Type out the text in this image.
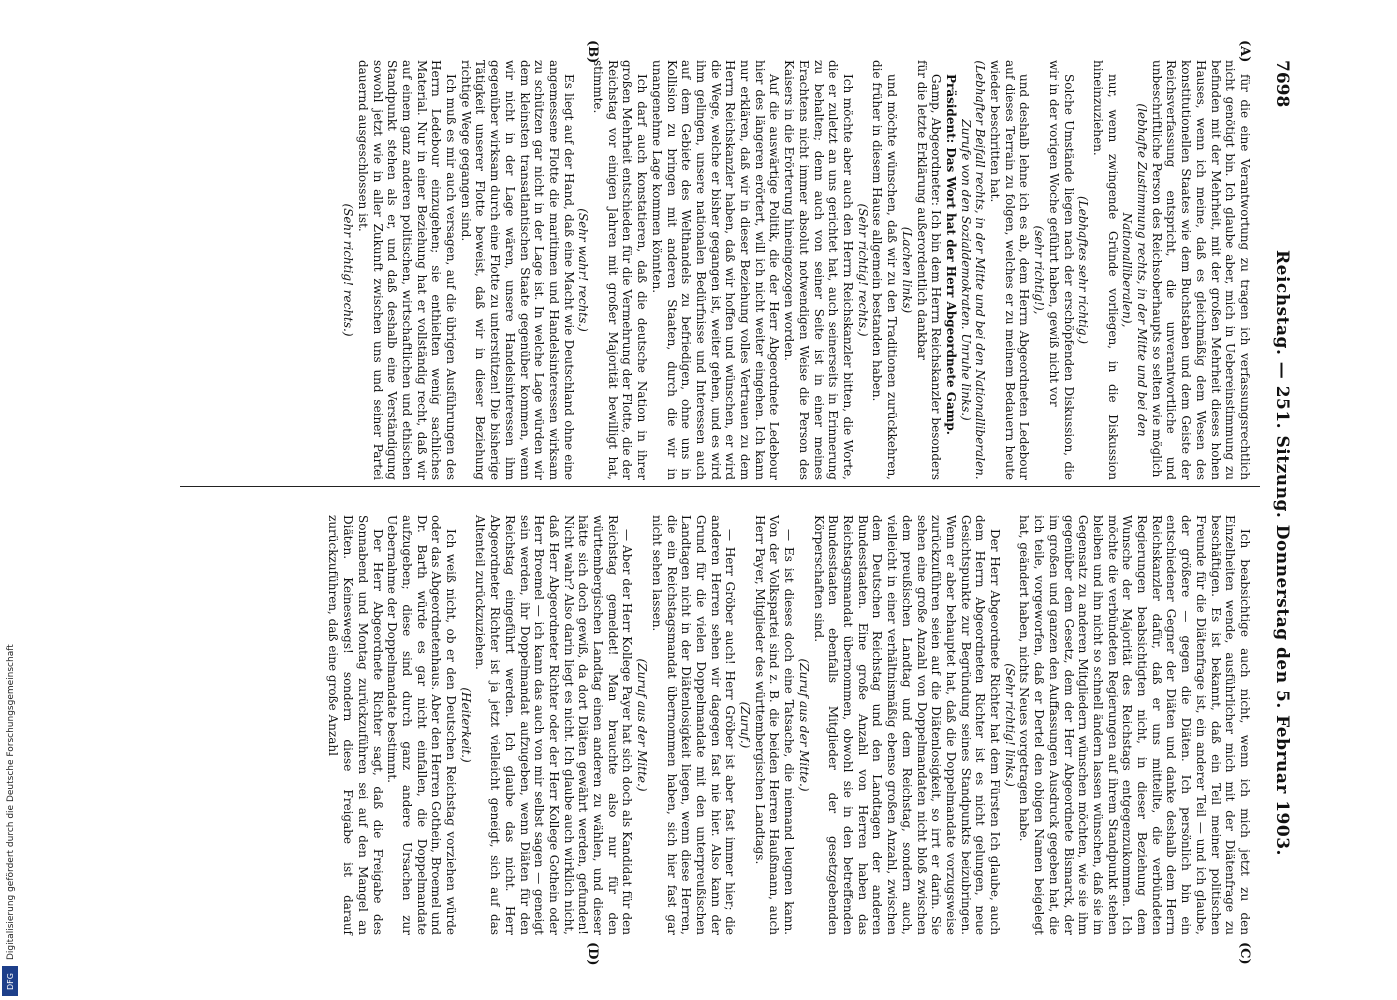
7698
Reichstag. — 251. Sitzung. Donnerstag den 5. Februar 1903.

für die eine Verantwortung zu tragen ich verfassungsrechtlich nicht genötigt bin. Ich glaube aber, mich in Uebereinstimmung zu befinden mit der Mehrheit, mit der großen Mehrheit dieses hohen Hauses, wenn ich meine, daß es gleichmäßig dem Wesen des konstitutionellen Staates wie dem Buchstaben und dem Geiste der Reichsverfassung entspricht, die unverantwortliche und unbeschriftliche Person des Reichsoberhaupts so selten wie möglich

(lebhafte Zustimmung rechts, in der Mitte und bei den Nationalliberalen),

nur, wenn zwingende Gründe vorliegen, in die Diskussion hineinzuziehen.

(Lebhaftes sehr richtig.)

Solche Umstände liegen nach der erschöpfenden Diskussion, die wir in der vorigen Woche geführt haben, gewiß nicht vor

(sehr richtig!),

und deshalb lehne ich es ab, dem Herrn Abgeordneten Ledebour auf dieses Terrain zu folgen, welches er zu meinem Bedauern heute wieder beschritten hat.

(Lebhafter Beifall rechts, in der Mitte und bei den Nationalliberalen. Zurufe von den Sozialdemokraten. Unruhe links.)

Präsident: Das Wort hat der Herr Abgeordnete Gamp.

Gamp, Abgeordneter: Ich bin dem Herrn Reichskanzler besonders für die letzte Erklärung außerordentlich dankbar

(Lachen links)

und möchte wünschen, daß wir zu den Traditionen zurückkehren, die früher in diesem Hause allgemein bestanden haben.

(Sehr richtig! rechts.)

Ich möchte aber auch den Herrn Reichskanzler bitten, die Worte, die er zuletzt an uns gerichtet hat, auch seinerseits in Erinnerung zu behalten; denn auch von seiner Seite ist in einer meines Erachtens nicht immer absolut notwendigen Weise die Person des Kaisers in die Erörterung hineingezogen worden.

Auf die auswärtige Politik, die der Herr Abgeordnete Ledebour hier des längeren erörtert, will ich nicht weiter eingehen. Ich kann nur erklären, daß wir in dieser Beziehung volles Vertrauen zu dem Herrn Reichskanzler haben, daß wir hoffen und wünschen, er wird die Wege, welche er bisher gegangen ist, weiter gehen, und es wird ihm gelingen, unsere nationalen Bedürfnisse und Interessen auch auf dem Gebiete des Welthandels zu befriedigen, ohne uns in Kollision zu bringen mit anderen Staaten, durch die wir in unangenehme Lage kommen könnten.

Ich darf auch konstatieren, daß die deutsche Nation in ihrer großen Mehrheit entschieden für die Vermehrung der Flotte, die der Reichstag vor einigen Jahren mit großer Majorität bewilligt hat, stimmte.

(Sehr wahr! rechts.)

Es liegt auf der Hand, daß eine Macht wie Deutschland ohne eine angemessene Flotte die maritimen und Handelsinteressen wirksam zu schützen gar nicht in der Lage ist. In welche Lage würden wir dem kleinsten transatlantischen Staate gegenüber kommen, wenn wir nicht in der Lage wären, unsere Handelsinteressen ihm gegenüber wirksam durch eine Flotte zu unterstützen! Die bisherige Tätigkeit unserer Flotte beweist, daß wir in dieser Beziehung richtige Wege gegangen sind.

Ich muß es mir auch versagen, auf die übrigen Ausführungen des Herrn Ledebour einzugehen; sie enthielten wenig sachliches Material. Nur in einer Beziehung hat er vollständig recht, daß wir auf einem ganz anderen politischen, wirtschaftlichen und ethischen Standpunkt stehen als er, und daß deshalb eine Verständigung sowohl jetzt wie in aller Zukunft zwischen uns und seiner Partei dauernd ausgeschlossen ist.

(Sehr richtig! rechts.)

Ich beabsichtige auch nicht, wenn ich mich jetzt zu den Einzelheiten wende, ausführlicher mich mit der Diätenfrage zu beschäftigen. Es ist bekannt, daß ein Teil meiner politischen Freunde für die Diätenfrage ist, ein anderer Teil — und ich glaube, der größere — gegen die Diäten. Ich persönlich bin ein entschiedener Gegner der Diäten und danke deshalb dem Herrn Reichskanzler dafür, daß er uns mitteilte, die verbündeten Regierungen beabsichtigten nicht, in dieser Beziehung dem Wunsche der Majorität des Reichstags entgegenzukommen. Ich möchte die verbündeten Regierungen auf ihrem Standpunkt stehen bleiben und ihn nicht so schnell ändern lassen wünschen, daß sie im Gegensatz zu anderen Mitgliedern wünschen möchten, wie sie ihm gegenüber dem Gesetz, dem der Herr Abgeordnete Bismarck, der im großen und ganzen den Auffassungen Ausdruck gegeben hat, die ich teile, vorgeworfen, daß er Dertel den obigen Namen beigelegt hat, geändert haben, nichts Neues vorgetragen habe.

(Sehr richtig! links.)

Der Herr Abgeordnete Richter hat dem Fürsten Ich glaube, auch dem Herrn Abgeordneten Richter ist es nicht gelungen, neue Gesichtspunkte zur Begründung seines Standpunkts beizubringen. Wenn er aber behauptet hat, daß die Doppelmandate vorzugsweise zurückzuführen seien auf die Diätenlosigkeit, so irrt er darin. Sie sehen eine große Anzahl von Doppelmandaten nicht bloß zwischen dem preußischen Landtag und dem Reichstag, sondern auch, vielleicht in einer verhältnismäßig ebenso großen Anzahl, zwischen dem Deutschen Reichstag und den Landtagen der anderen Bundesstaaten. Eine große Anzahl von Herren haben das Reichstagsmandat übernommen, obwohl sie in den betreffenden Bundesstaaten ebenfalls Mitglieder der gesetzgebenden Körperschaften sind.

(Zuruf aus der Mitte.)

— Es ist dieses doch eine Tatsache, die niemand leugnen kann. Von der Volkspartei sind z. B. die beiden Herren Haußmann, auch Herr Payer, Mitglieder des württembergischen Landtags.

(Zuruf.)

— Herr Gröber auch! Herr Gröber ist aber fast immer hier; die anderen Herren sehen wir dagegen fast nie hier. Also kann der Grund für die vielen Doppelmandate mit den unterpreußischen Landtagen nicht in der Diätenlosigkeit liegen, wenn diese Herren, die ein Reichstagsmandat übernommen haben, sich hier fast gar nicht sehen lassen.

(Zuruf aus der Mitte.)

— Aber der Herr Kollege Payer hat sich doch als Kandidat für den Reichstag gemeldet! Man brauchte also nur für den württembergischen Landtag einen anderen zu wählen, und dieser hätte sich doch gewiß, da dort Diäten gewährt werden, gefunden! Nicht wahr? Also darin liegt es nicht. Ich glaube auch wirklich nicht, daß Herr Abgeordneter Richter oder der Herr Kollege Gothein oder Herr Broemel — ich kann das auch von mir selbst sagen — geneigt sein werden, ihr Doppelmandat aufzugeben, wenn Diäten für den Reichstag eingeführt werden. Ich glaube das nicht. Herr Abgeordneter Richter ist ja jetzt vielleicht geneigt, sich auf das Altenteil zurückzuziehen.

(Heiterkeit.)

Ich weiß nicht, ob er den Deutschen Reichstag vorziehen würde oder das Abgeordnetenhaus. Aber den Herren Gothein, Broemel und Dr. Barth würde es gar nicht einfallen, die Doppelmandate aufzugeben; diese sind durch ganz andere Ursachen zur Uebernahme der Doppelmandate bestimmt.

Der Herr Abgeordnete Richter sagt, daß die Freigabe des Sonnabend und Montag zurückzuführen sei auf den Mangel an Diäten. Keineswegs! sondern diese Freigabe ist darauf zurückzuführen, daß eine große Anzahl

(A)
(B)
(C)
(D)
Digitalisierung gefördert durch die Deutsche Forschungsgemeinschaft
DFG
